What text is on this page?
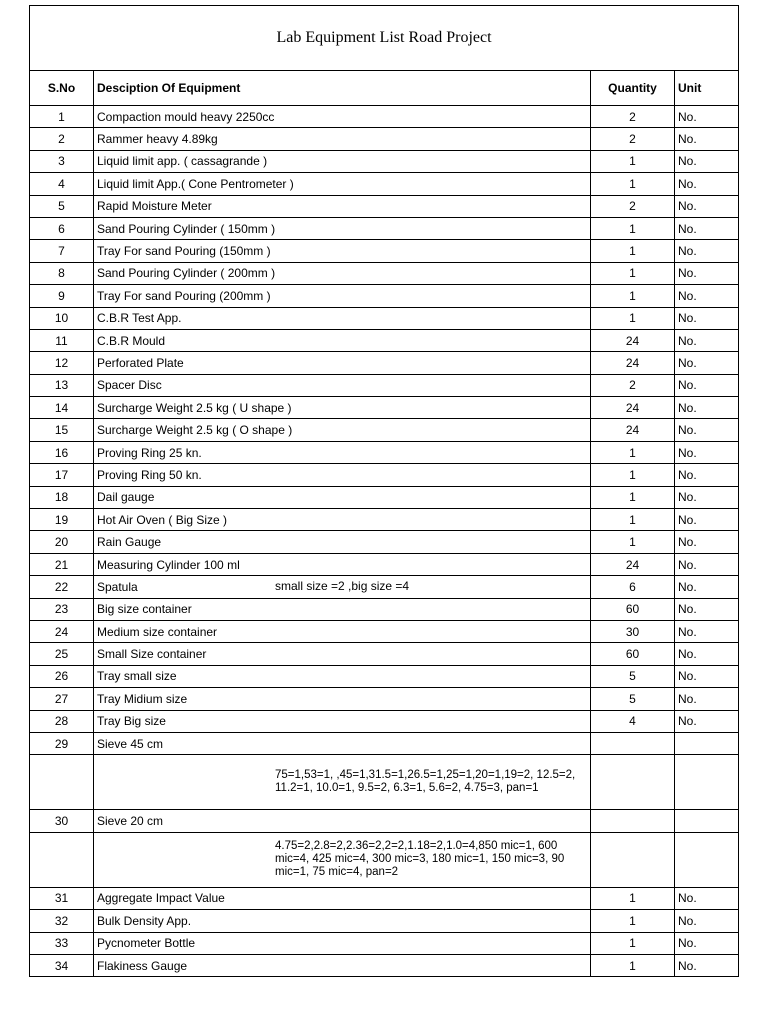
Lab Equipment List Road Project			
S.No	Desciption Of Equipment	Quantity	Unit
1	Compaction mould heavy 2250cc	2	No.
2	Rammer heavy 4.89kg	2	No.
3	Liquid limit app. ( cassagrande )	1	No.
4	Liquid limit App.( Cone Pentrometer )	1	No.
5	Rapid Moisture Meter	2	No.
6	Sand Pouring Cylinder ( 150mm )	1	No.
7	Tray For sand Pouring (150mm )	1	No.
8	Sand Pouring Cylinder ( 200mm )	1	No.
9	Tray For sand Pouring (200mm )	1	No.
10	C.B.R Test App.	1	No.
11	C.B.R Mould	24	No.
12	Perforated Plate	24	No.
13	Spacer Disc	2	No.
14	Surcharge Weight 2.5 kg ( U shape )	24	No.
15	Surcharge Weight 2.5 kg ( O shape )	24	No.
16	Proving Ring 25 kn.	1	No.
17	Proving Ring 50 kn.	1	No.
18	Dail gauge	1	No.
19	Hot Air Oven ( Big Size )	1	No.
20	Rain Gauge	1	No.
21	Measuring Cylinder 100 ml	24	No.
22	Spatula small size =2 ,big size =4	6	No.
23	Big size container	60	No.
24	Medium size container	30	No.
25	Small Size container	60	No.
26	Tray small size	5	No.
27	Tray Midium size	5	No.
28	Tray Big size	4	No.
29	Sieve 45 cm		

	75=1,53=1, ,45=1,31.5=1,26.5=1,25=1,20=1,19=2, 12.5=2, 11.2=1, 10.0=1, 9.5=2, 6.3=1, 5.6=2, 4.75=3, pan=1		

30	Sieve 20 cm		

	4.75=2,2.8=2,2.36=2,2=2,1.18=2,1.0=4,850 mic=1, 600 mic=4, 425 mic=4, 300 mic=3, 180 mic=1, 150 mic=3, 90 mic=1, 75 mic=4, pan=2		

31	Aggregate Impact Value	1	No.
32	Bulk Density App.	1	No.
33	Pycnometer Bottle	1	No.
34	Flakiness Gauge	1	No.
